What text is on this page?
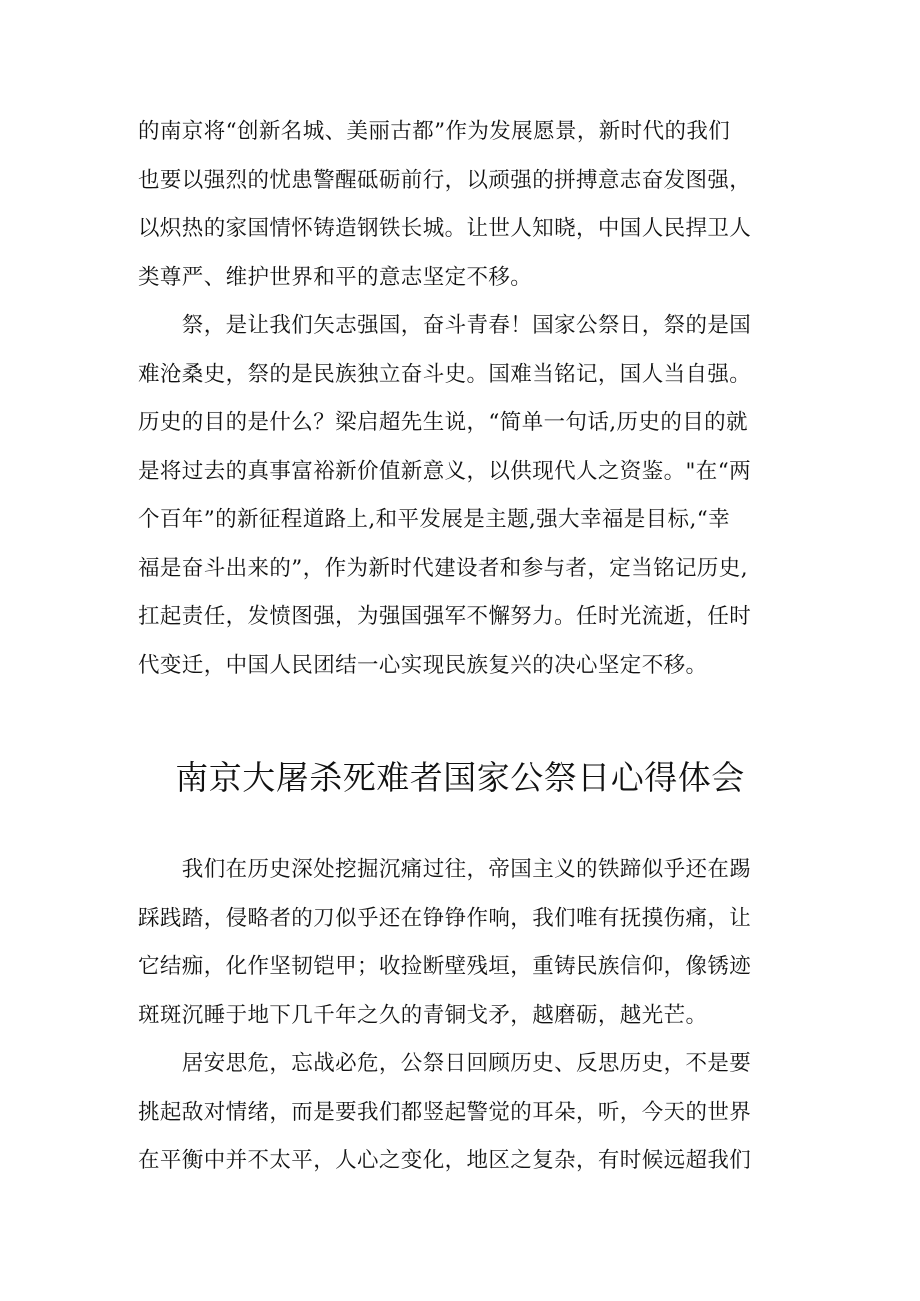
的南京将“创新名城、美丽古都”作为发展愿景，新时代的我们
也要以强烈的忧患警醒砥砺前行，以顽强的拼搏意志奋发图强，
以炽热的家国情怀铸造钢铁长城。让世人知晓，中国人民捍卫人
类尊严、维护世界和平的意志坚定不移。
　　祭，是让我们矢志强国，奋斗青春！国家公祭日，祭的是国
难沧桑史，祭的是民族独立奋斗史。国难当铭记，国人当自强。
历史的目的是什么？梁启超先生说，“简单一句话,历史的目的就
是将过去的真事富裕新价值新意义，以供现代人之资鉴。"在“两
个百年”的新征程道路上,和平发展是主题,强大幸福是目标,“幸
福是奋斗出来的”，作为新时代建设者和参与者，定当铭记历史,
扛起责任，发愤图强，为强国强军不懈努力。任时光流逝，任时
代变迁，中国人民团结一心实现民族复兴的决心坚定不移。
南京大屠杀死难者国家公祭日心得体会
　　我们在历史深处挖掘沉痛过往，帝国主义的铁蹄似乎还在踢
踩践踏，侵略者的刀似乎还在铮铮作响，我们唯有抚摸伤痛，让
它结痂，化作坚韧铠甲；收捡断壁残垣，重铸民族信仰，像锈迹
斑斑沉睡于地下几千年之久的青铜戈矛，越磨砺，越光芒。
　　居安思危，忘战必危，公祭日回顾历史、反思历史，不是要
挑起敌对情绪，而是要我们都竖起警觉的耳朵，听，今天的世界
在平衡中并不太平，人心之变化，地区之复杂，有时候远超我们
